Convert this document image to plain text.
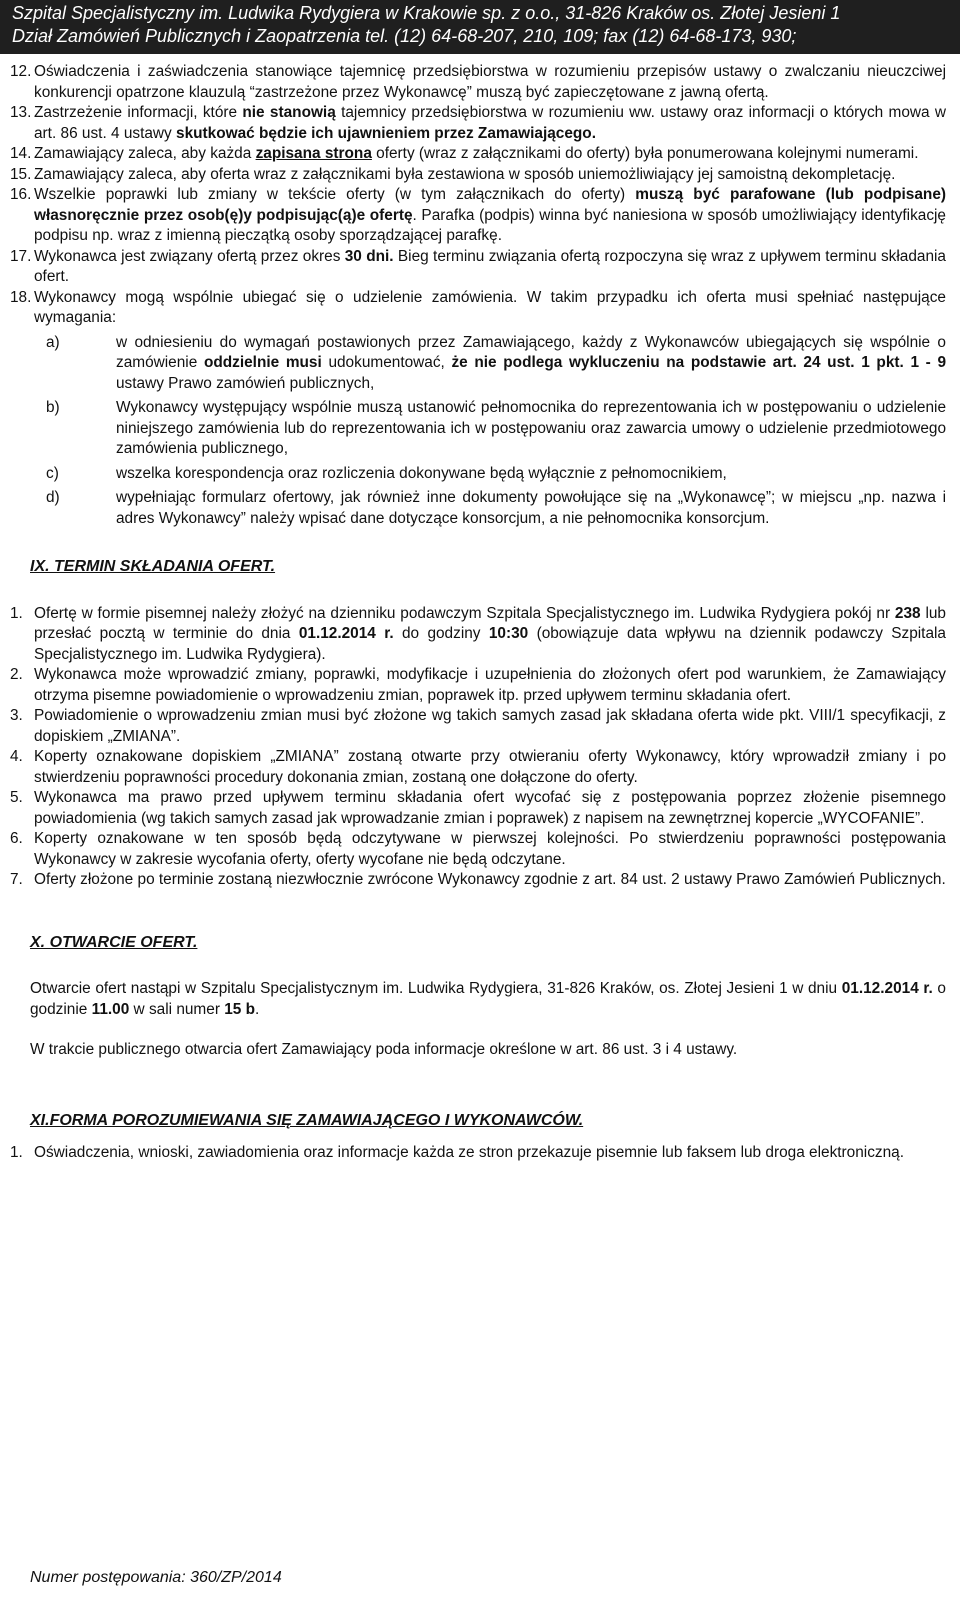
Szpital Specjalistyczny im. Ludwika Rydygiera w Krakowie sp. z o.o., 31-826 Kraków os. Złotej Jesieni 1
Dział Zamówień Publicznych i Zaopatrzenia tel. (12) 64-68-207, 210, 109; fax (12) 64-68-173, 930;

12. Oświadczenia i zaświadczenia stanowiące tajemnicę przedsiębiorstwa w rozumieniu przepisów ustawy o zwalczaniu nieuczciwej konkurencji opatrzone klauzulą “zastrzeżone przez Wykonawcę” muszą być zapieczętowane z jawną ofertą.

13. Zastrzeżenie informacji, które nie stanowią tajemnicy przedsiębiorstwa w rozumieniu ww. ustawy oraz informacji o których mowa w art. 86 ust. 4 ustawy skutkować będzie ich ujawnieniem przez Zamawiającego.

14. Zamawiający zaleca, aby każda zapisana strona oferty (wraz z załącznikami do oferty) była ponumerowana kolejnymi numerami.

15. Zamawiający zaleca, aby oferta wraz z załącznikami była zestawiona w sposób uniemożliwiający jej samoistną dekompletację.

16. Wszelkie poprawki lub zmiany w tekście oferty (w tym załącznikach do oferty) muszą być parafowane (lub podpisane) własnoręcznie przez osob(ę)y podpisując(ą)e ofertę. Parafka (podpis) winna być naniesiona w sposób umożliwiający identyfikację podpisu np. wraz z imienną pieczątką osoby sporządzającej parafkę.

17. Wykonawca jest związany ofertą przez okres 30 dni. Bieg terminu związania ofertą rozpoczyna się wraz z upływem terminu składania ofert.

18. Wykonawcy mogą wspólnie ubiegać się o udzielenie zamówienia. W takim przypadku ich oferta musi spełniać następujące wymagania:

a)	w odniesieniu do wymagań postawionych przez Zamawiającego, każdy z Wykonawców ubiegających się wspólnie o zamówienie oddzielnie musi udokumentować, że nie podlega wykluczeniu na podstawie art. 24 ust. 1 pkt. 1 - 9 ustawy Prawo zamówień publicznych,
b)	Wykonawcy występujący wspólnie muszą ustanowić pełnomocnika do reprezentowania ich w postępowaniu o udzielenie niniejszego zamówienia lub do reprezentowania ich w postępowaniu oraz zawarcia umowy o udzielenie przedmiotowego zamówienia publicznego,
c)	wszelka korespondencja oraz rozliczenia dokonywane będą wyłącznie z pełnomocnikiem,
d)	wypełniając formularz ofertowy, jak również inne dokumenty powołujące się na „Wykonawcę”; w miejscu „np. nazwa i adres Wykonawcy” należy wpisać dane dotyczące konsorcjum, a nie pełnomocnika konsorcjum.
IX. TERMIN SKŁADANIA OFERT.

1. Ofertę w formie pisemnej należy złożyć na dzienniku podawczym Szpitala Specjalistycznego im. Ludwika Rydygiera pokój nr 238 lub przesłać pocztą w terminie do dnia 01.12.2014 r. do godziny 10:30 (obowiązuje data wpływu na dziennik podawczy Szpitala Specjalistycznego im. Ludwika Rydygiera).

2. Wykonawca może wprowadzić zmiany, poprawki, modyfikacje i uzupełnienia do złożonych ofert pod warunkiem, że Zamawiający otrzyma pisemne powiadomienie o wprowadzeniu zmian, poprawek itp. przed upływem terminu składania ofert.

3. Powiadomienie o wprowadzeniu zmian musi być złożone wg takich samych zasad jak składana oferta wide pkt. VIII/1 specyfikacji, z dopiskiem „ZMIANA”.

4. Koperty oznakowane dopiskiem „ZMIANA” zostaną otwarte przy otwieraniu oferty Wykonawcy, który wprowadził zmiany i po stwierdzeniu poprawności procedury dokonania zmian, zostaną one dołączone do oferty.

5. Wykonawca ma prawo przed upływem terminu składania ofert wycofać się z postępowania poprzez złożenie pisemnego powiadomienia (wg takich samych zasad jak wprowadzanie zmian i poprawek) z napisem na zewnętrznej kopercie „WYCOFANIE”.

6. Koperty oznakowane w ten sposób będą odczytywane w pierwszej kolejności. Po stwierdzeniu poprawności postępowania Wykonawcy w zakresie wycofania oferty, oferty wycofane nie będą odczytane.

7. Oferty złożone po terminie zostaną niezwłocznie zwrócone Wykonawcy zgodnie z art. 84 ust. 2 ustawy Prawo Zamówień Publicznych.

X. OTWARCIE OFERT.

Otwarcie ofert nastąpi w Szpitalu Specjalistycznym im. Ludwika Rydygiera, 31-826 Kraków, os. Złotej Jesieni 1 w dniu 01.12.2014 r. o godzinie 11.00 w sali numer 15 b.

W trakcie publicznego otwarcia ofert Zamawiający poda informacje określone w art. 86 ust. 3 i 4 ustawy.

XI.FORMA POROZUMIEWANIA SIĘ ZAMAWIAJĄCEGO I WYKONAWCÓW.

1. Oświadczenia, wnioski, zawiadomienia oraz informacje każda ze stron przekazuje pisemnie lub faksem lub droga elektroniczną.

Numer postępowania: 360/ZP/2014
